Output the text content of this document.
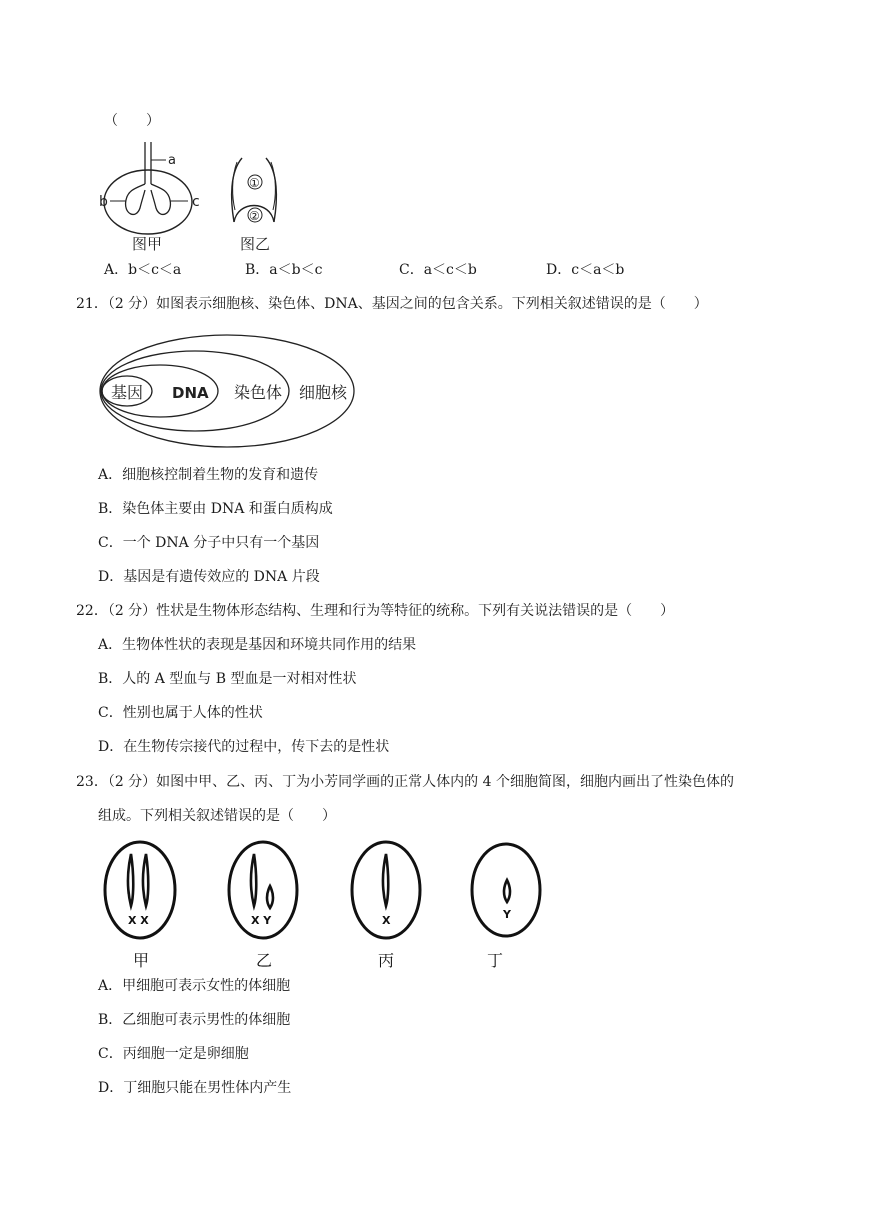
（　　）
a
b	c
图甲
①
②
图乙
A．b＜c＜a	B．a＜b＜c	C．a＜c＜b	D．c＜a＜b
21．（2 分）如图表示细胞核、染色体、DNA、基因之间的包含关系。下列相关叙述错误的是（　　）
基因 DNA 染色体 细胞核
A．细胞核控制着生物的发育和遗传
B．染色体主要由 DNA 和蛋白质构成
C．一个 DNA 分子中只有一个基因
D．基因是有遗传效应的 DNA 片段
22．（2 分）性状是生物体形态结构、生理和行为等特征的统称。下列有关说法错误的是（　　）
A．生物体性状的表现是基因和环境共同作用的结果
B．人的 A 型血与 B 型血是一对相对性状
C．性别也属于人体的性状
D．在生物传宗接代的过程中，传下去的是性状
23．（2 分）如图中甲、乙、丙、丁为小芳同学画的正常人体内的 4 个细胞简图，细胞内画出了性染色体的
组成。下列相关叙述错误的是（　　）
X X
甲
X Y
乙
X
丙
Y
丁
A．甲细胞可表示女性的体细胞
B．乙细胞可表示男性的体细胞
C．丙细胞一定是卵细胞
D．丁细胞只能在男性体内产生
